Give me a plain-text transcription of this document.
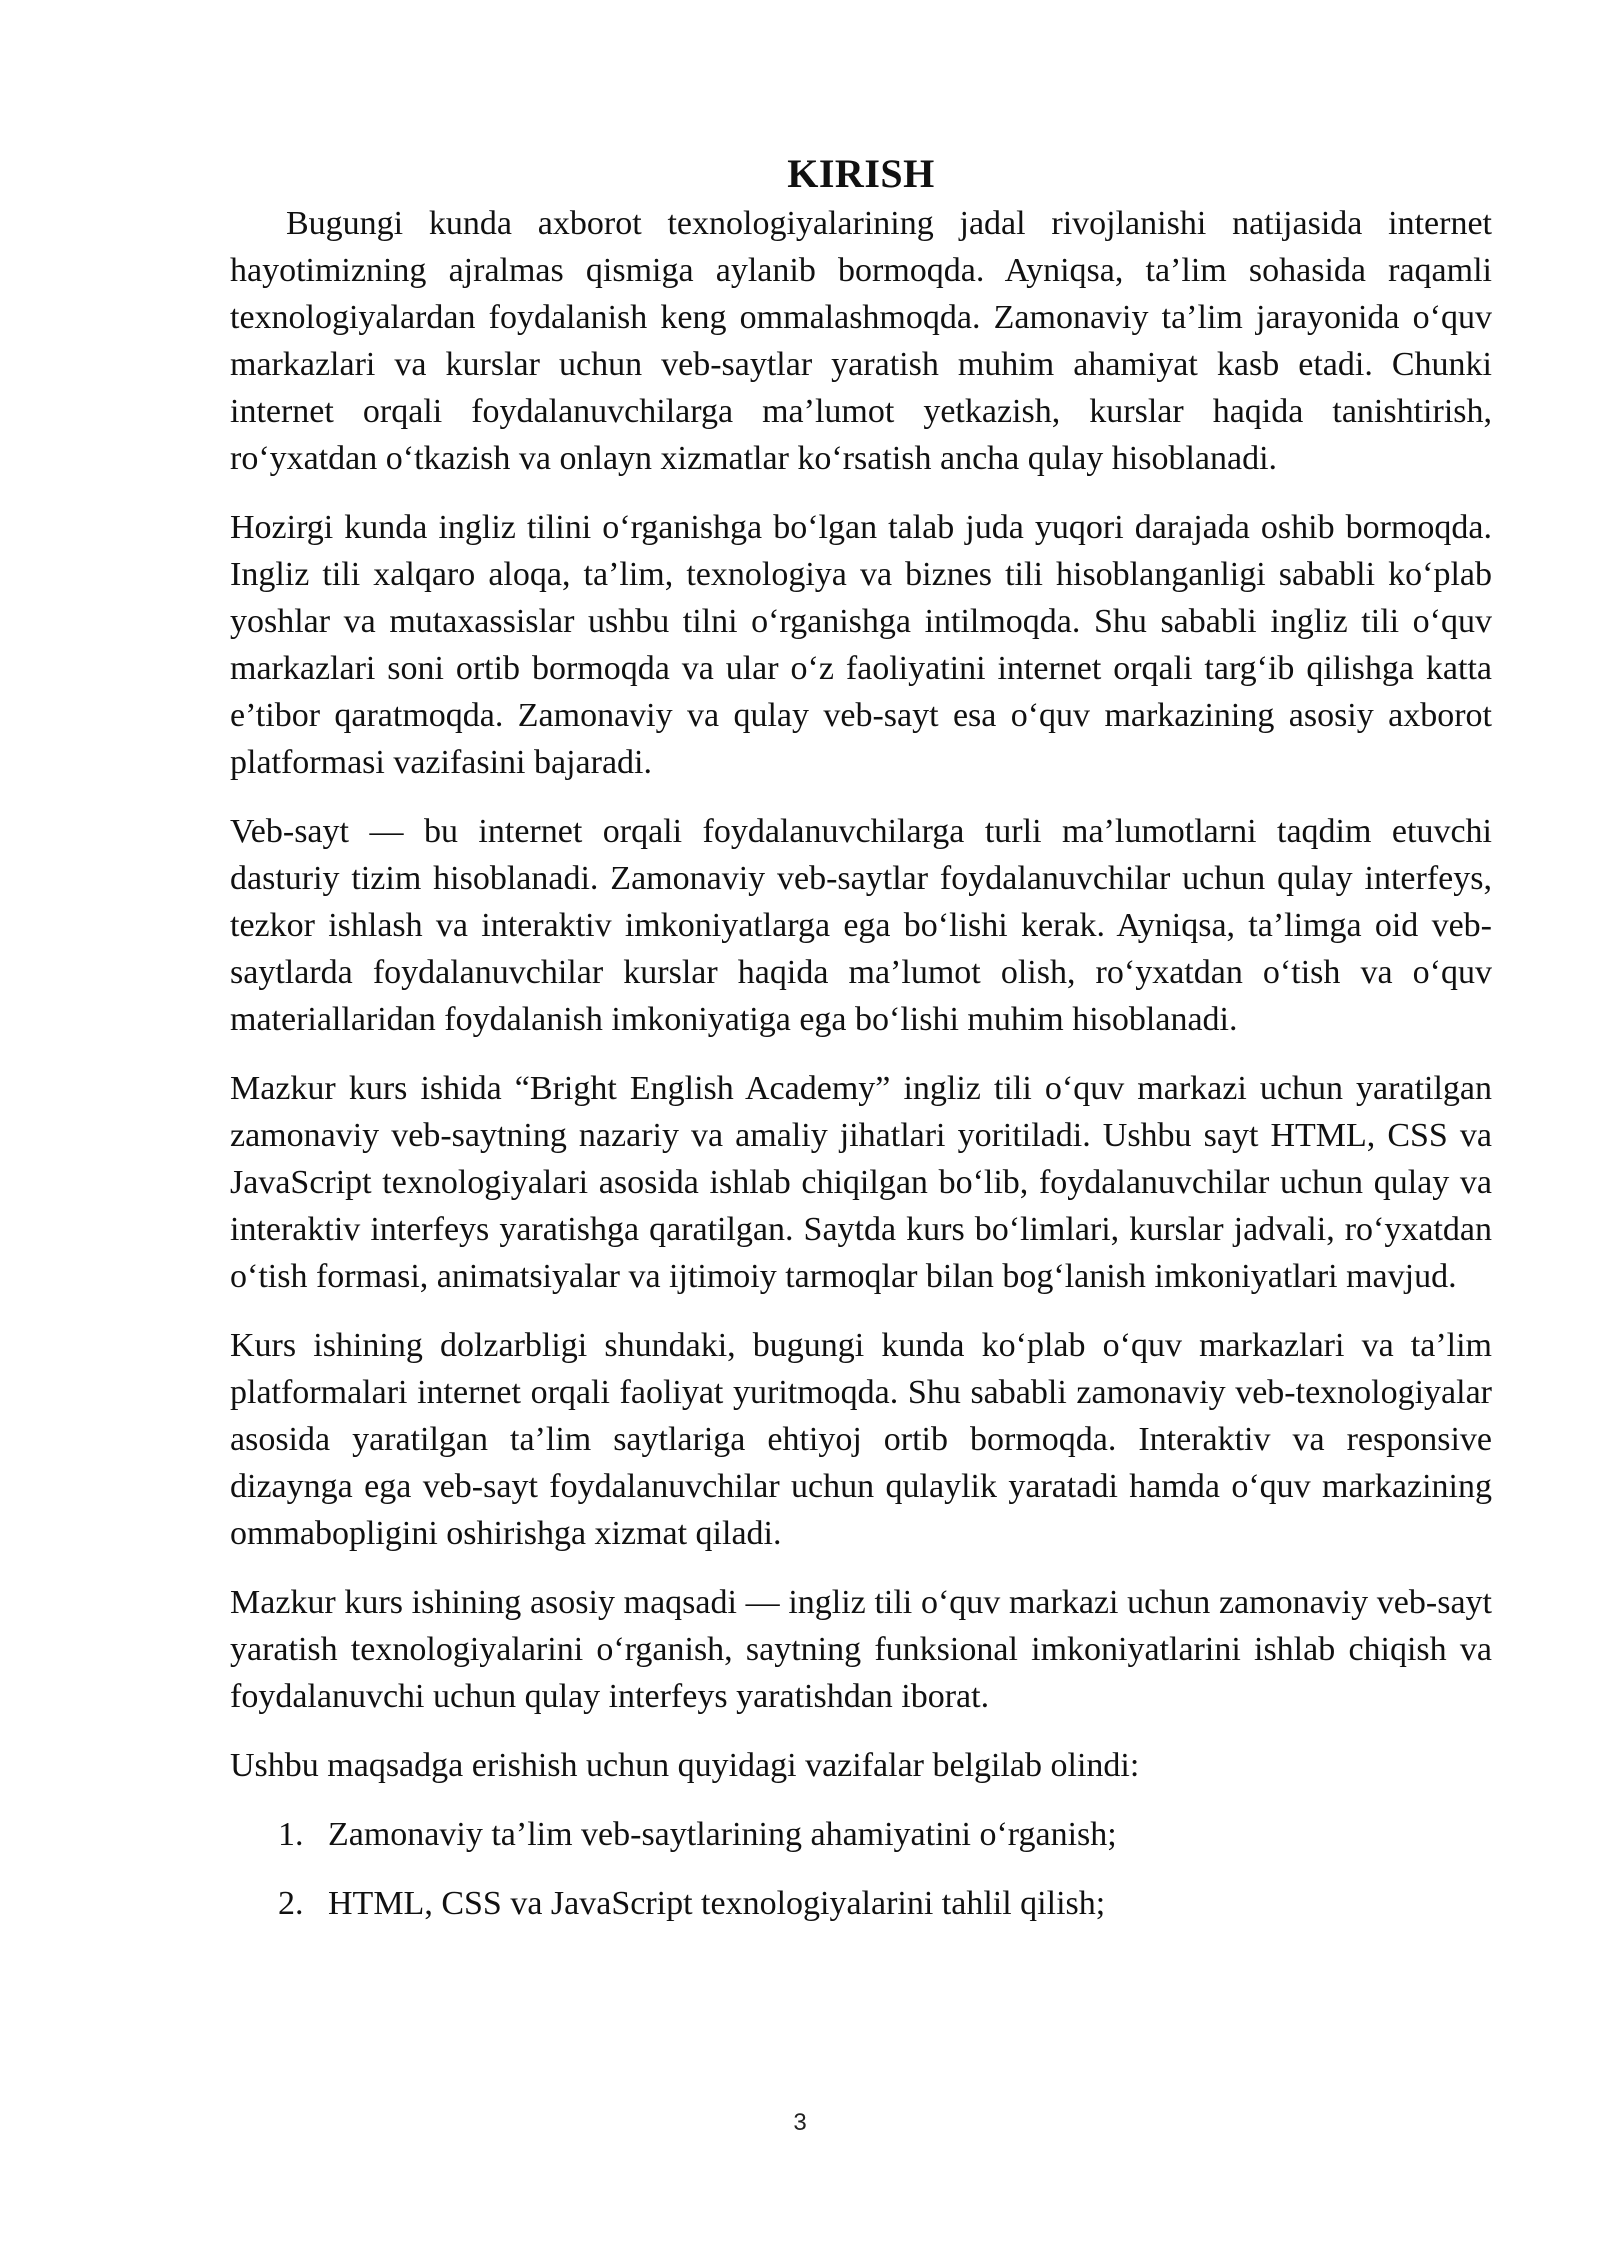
KIRISH

Bugungi kunda axborot texnologiyalarining jadal rivojlanishi natijasida internet hayotimizning ajralmas qismiga aylanib bormoqda. Ayniqsa, ta’lim sohasida raqamli texnologiyalardan foydalanish keng ommalashmoqda. Zamonaviy ta’lim jarayonida o‘quv markazlari va kurslar uchun veb-saytlar yaratish muhim ahamiyat kasb etadi. Chunki internet orqali foydalanuvchilarga ma’lumot yetkazish, kurslar haqida tanishtirish, ro‘yxatdan o‘tkazish va onlayn xizmatlar ko‘rsatish ancha qulay hisoblanadi.

Hozirgi kunda ingliz tilini o‘rganishga bo‘lgan talab juda yuqori darajada oshib bormoqda. Ingliz tili xalqaro aloqa, ta’lim, texnologiya va biznes tili hisoblanganligi sababli ko‘plab yoshlar va mutaxassislar ushbu tilni o‘rganishga intilmoqda. Shu sababli ingliz tili o‘quv markazlari soni ortib bormoqda va ular o‘z faoliyatini internet orqali targ‘ib qilishga katta e’tibor qaratmoqda. Zamonaviy va qulay veb-sayt esa o‘quv markazining asosiy axborot platformasi vazifasini bajaradi.

Veb-sayt — bu internet orqali foydalanuvchilarga turli ma’lumotlarni taqdim etuvchi dasturiy tizim hisoblanadi. Zamonaviy veb-saytlar foydalanuvchilar uchun qulay interfeys, tezkor ishlash va interaktiv imkoniyatlarga ega bo‘lishi kerak. Ayniqsa, ta’limga oid veb-saytlarda foydalanuvchilar kurslar haqida ma’lumot olish, ro‘yxatdan o‘tish va o‘quv materiallaridan foydalanish imkoniyatiga ega bo‘lishi muhim hisoblanadi.

Mazkur kurs ishida “Bright English Academy” ingliz tili o‘quv markazi uchun yaratilgan zamonaviy veb-saytning nazariy va amaliy jihatlari yoritiladi. Ushbu sayt HTML, CSS va JavaScript texnologiyalari asosida ishlab chiqilgan bo‘lib, foydalanuvchilar uchun qulay va interaktiv interfeys yaratishga qaratilgan. Saytda kurs bo‘limlari, kurslar jadvali, ro‘yxatdan o‘tish formasi, animatsiyalar va ijtimoiy tarmoqlar bilan bog‘lanish imkoniyatlari mavjud.

Kurs ishining dolzarbligi shundaki, bugungi kunda ko‘plab o‘quv markazlari va ta’lim platformalari internet orqali faoliyat yuritmoqda. Shu sababli zamonaviy veb-texnologiyalar asosida yaratilgan ta’lim saytlariga ehtiyoj ortib bormoqda. Interaktiv va responsive dizaynga ega veb-sayt foydalanuvchilar uchun qulaylik yaratadi hamda o‘quv markazining ommabopligini oshirishga xizmat qiladi.

Mazkur kurs ishining asosiy maqsadi — ingliz tili o‘quv markazi uchun zamonaviy veb-sayt yaratish texnologiyalarini o‘rganish, saytning funksional imkoniyatlarini ishlab chiqish va foydalanuvchi uchun qulay interfeys yaratishdan iborat.

Ushbu maqsadga erishish uchun quyidagi vazifalar belgilab olindi:

1. Zamonaviy ta’lim veb-saytlarining ahamiyatini o‘rganish;
2. HTML, CSS va JavaScript texnologiyalarini tahlil qilish;
3
